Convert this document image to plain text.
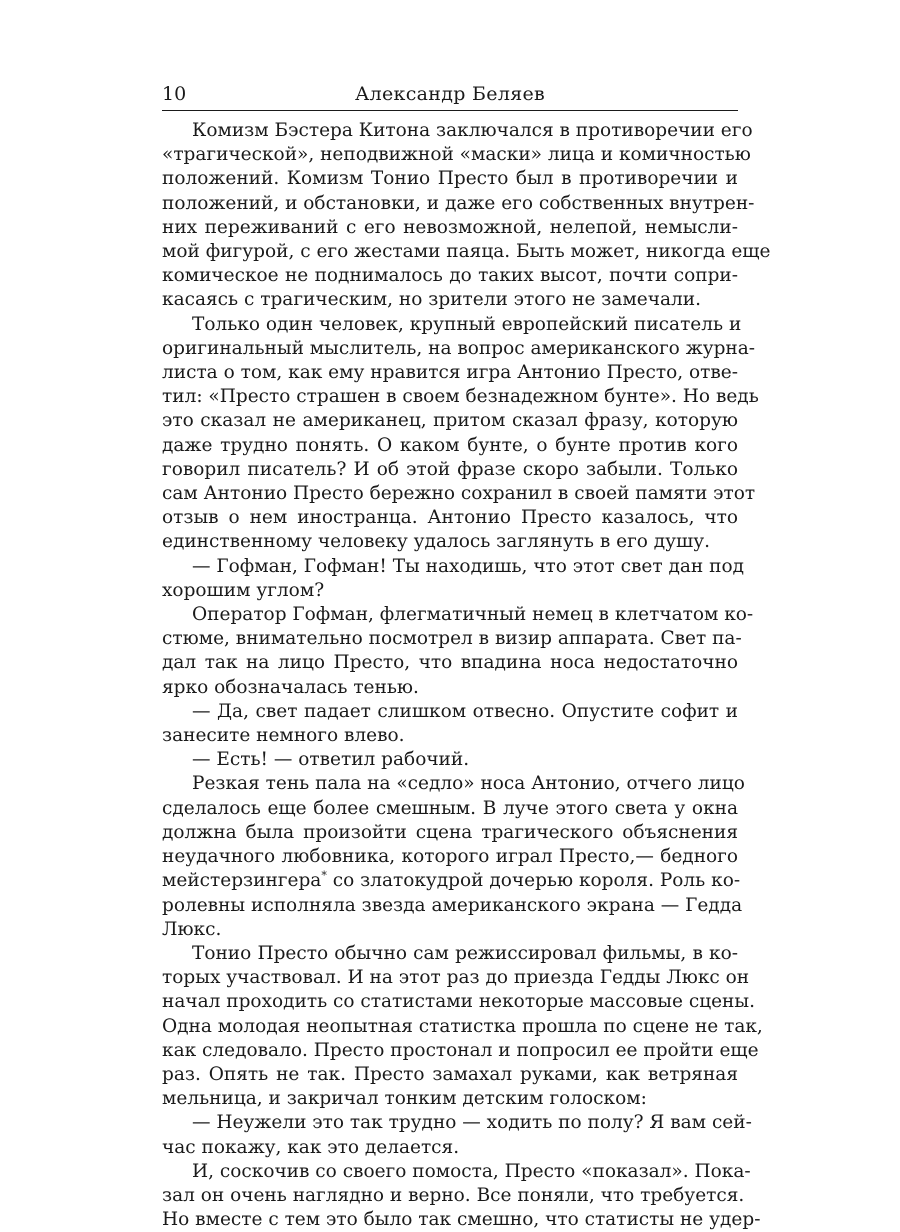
10	Александр Беляев
Комизм Бэстера Китона заключался в противоречии его
«трагической», неподвижной «маски» лица и комичностью
положений. Комизм Тонио Престо был в противоречии и
положений, и обстановки, и даже его собственных внутрен-
них переживаний с его невозможной, нелепой, немысли-
мой фигурой, с его жестами паяца. Быть может, никогда еще
комическое не поднималось до таких высот, почти сопри-
касаясь с трагическим, но зрители этого не замечали.
Только один человек, крупный европейский писатель и
оригинальный мыслитель, на вопрос американского журна-
листа о том, как ему нравится игра Антонио Престо, отве-
тил: «Престо страшен в своем безнадежном бунте». Но ведь
это сказал не американец, притом сказал фразу, которую
даже трудно понять. О каком бунте, о бунте против кого
говорил писатель? И об этой фразе скоро забыли. Только
сам Антонио Престо бережно сохранил в своей памяти этот
отзыв о нем иностранца. Антонио Престо казалось, что
единственному человеку удалось заглянуть в его душу.
— Гофман, Гофман! Ты находишь, что этот свет дан под
хорошим углом?
Оператор Гофман, флегматичный немец в клетчатом ко-
стюме, внимательно посмотрел в визир аппарата. Свет па-
дал так на лицо Престо, что впадина носа недостаточно
ярко обозначалась тенью.
— Да, свет падает слишком отвесно. Опустите софит и
занесите немного влево.
— Есть! — ответил рабочий.
Резкая тень пала на «седло» носа Антонио, отчего лицо
сделалось еще более смешным. В луче этого света у окна
должна была произойти сцена трагического объяснения
неудачного любовника, которого играл Престо,— бедного
мейстерзингера* со златокудрой дочерью короля. Роль ко-
ролевны исполняла звезда американского экрана — Гедда
Люкс.
Тонио Престо обычно сам режиссировал фильмы, в ко-
торых участвовал. И на этот раз до приезда Гедды Люкс он
начал проходить со статистами некоторые массовые сцены.
Одна молодая неопытная статистка прошла по сцене не так,
как следовало. Престо простонал и попросил ее пройти еще
раз. Опять не так. Престо замахал руками, как ветряная
мельница, и закричал тонким детским голоском:
— Неужели это так трудно — ходить по полу? Я вам сей-
час покажу, как это делается.
И, соскочив со своего помоста, Престо «показал». Пока-
зал он очень наглядно и верно. Все поняли, что требуется.
Но вместе с тем это было так смешно, что статисты не удер-
